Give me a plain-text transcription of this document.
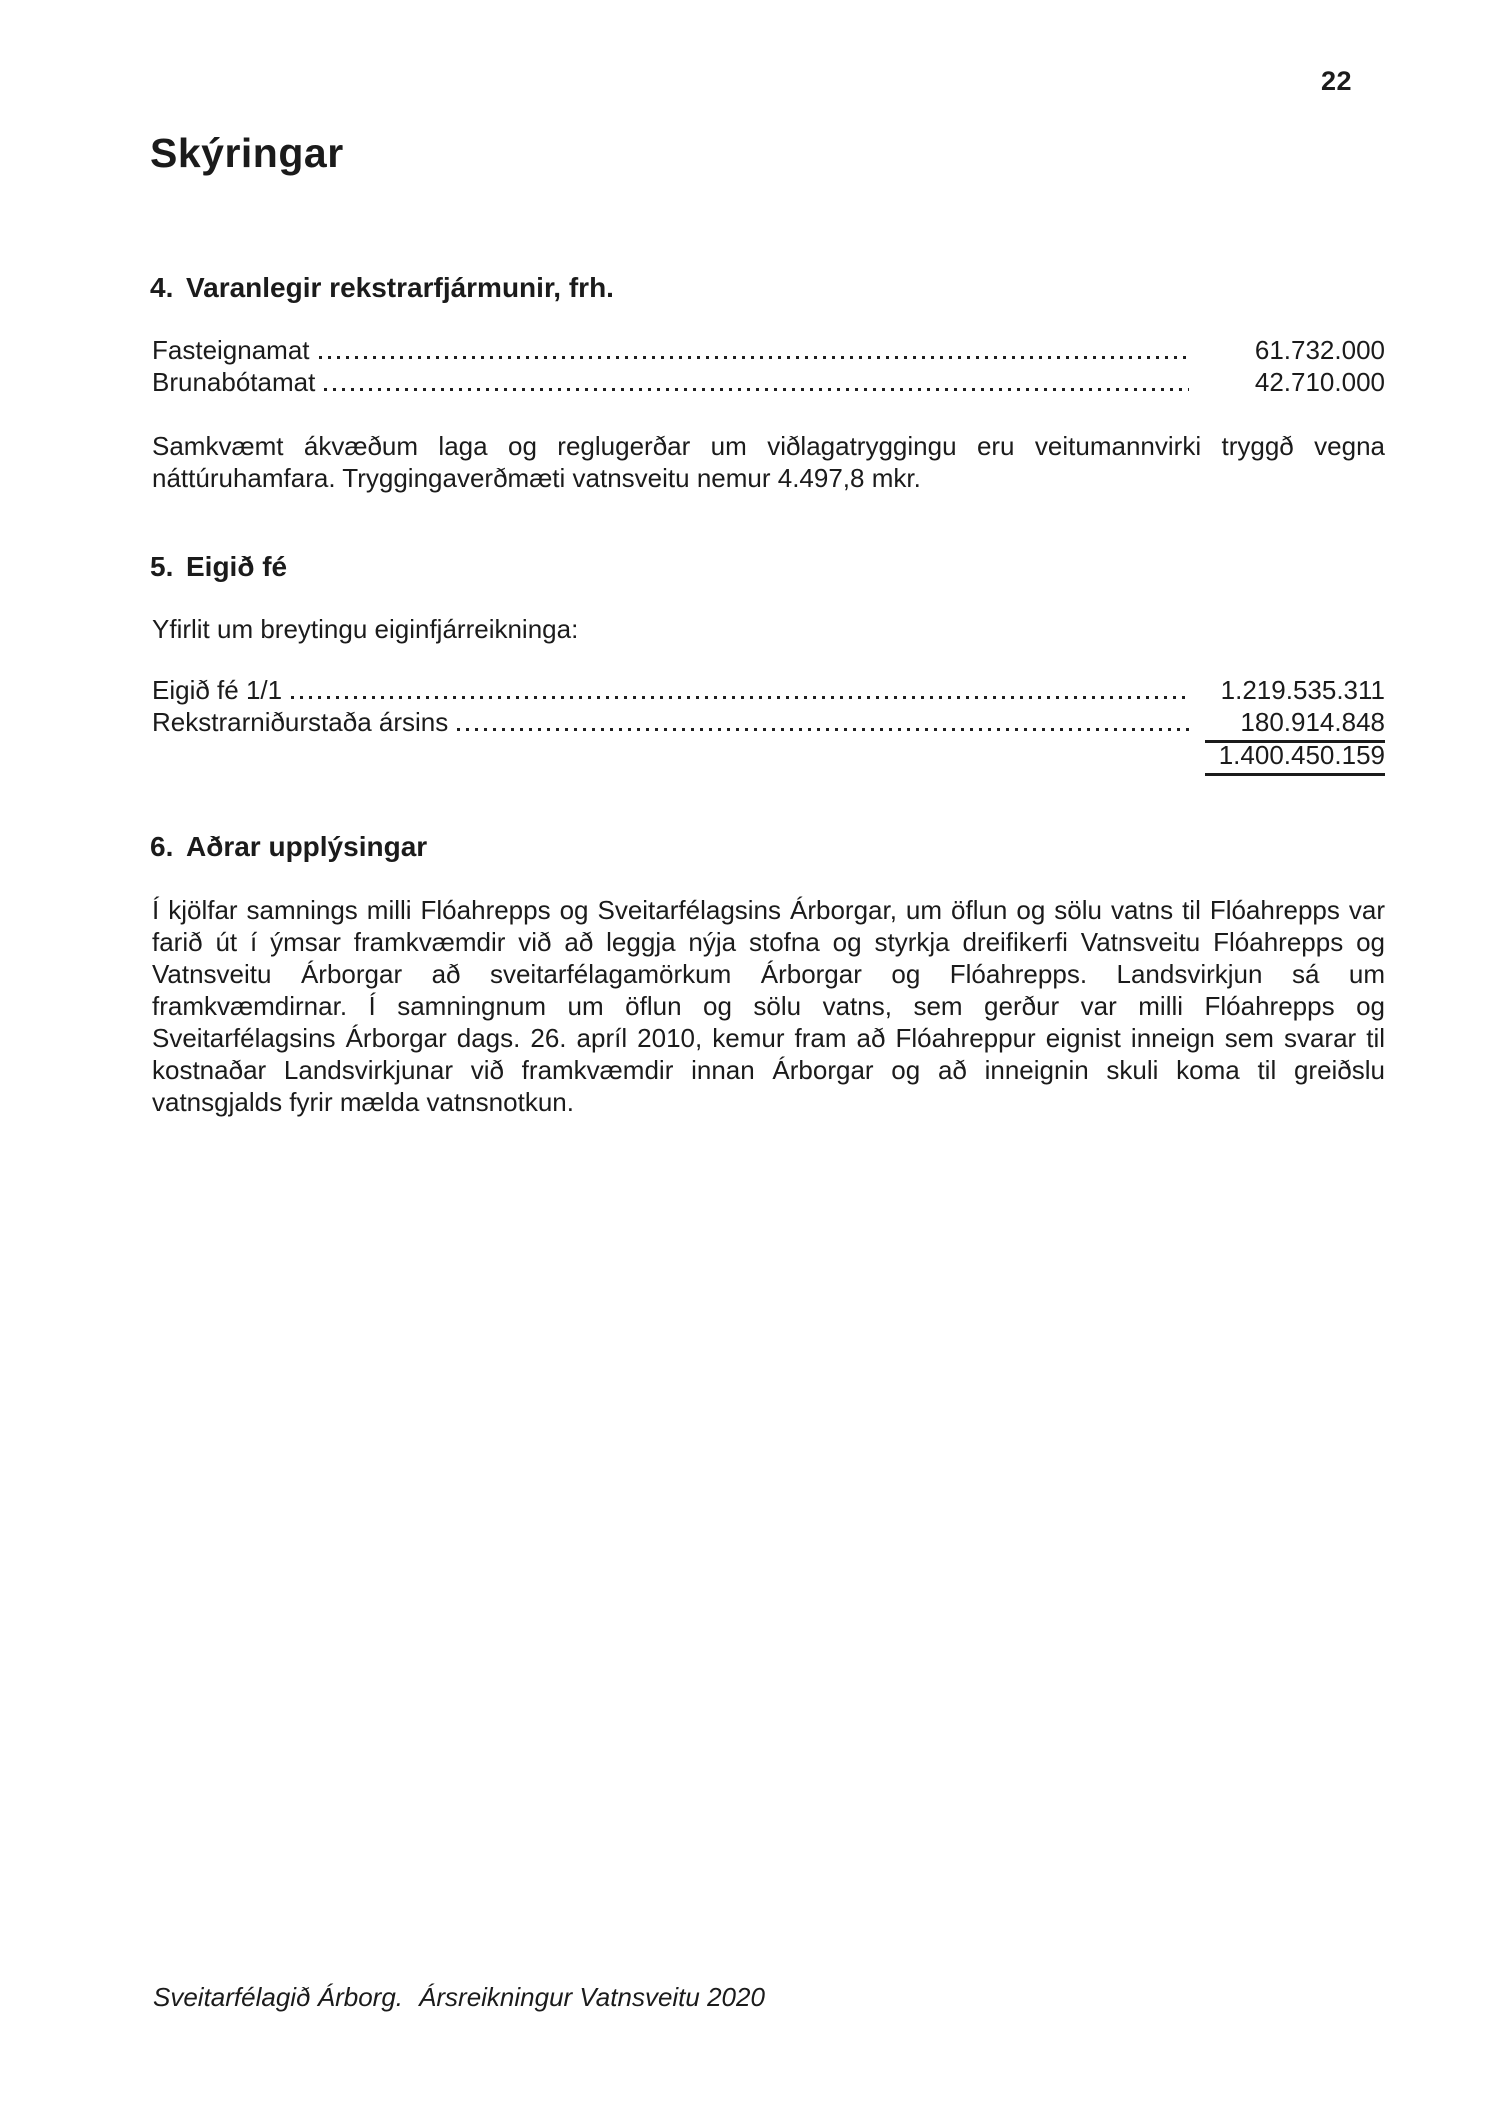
22
Skýringar
4. Varanlegir rekstrarfjármunir, frh.
Fasteignamat	61.732.000
Brunabótamat	42.710.000
Samkvæmt ákvæðum laga og reglugerðar um viðlagatryggingu eru veitumannvirki tryggð vegna náttúruhamfara. Tryggingaverðmæti vatnsveitu nemur 4.497,8 mkr.
5. Eigið fé
Yfirlit um breytingu eiginfjárreikninga:
Eigið fé 1/1	1.219.535.311
Rekstrarniðurstaða ársins	180.914.848
1.400.450.159
6. Aðrar upplýsingar
Í kjölfar samnings milli Flóahrepps og Sveitarfélagsins Árborgar, um öflun og sölu vatns til Flóahrepps var farið út í ýmsar framkvæmdir við að leggja nýja stofna og styrkja dreifikerfi Vatnsveitu Flóahrepps og Vatnsveitu Árborgar að sveitarfélagamörkum Árborgar og Flóahrepps. Landsvirkjun sá um framkvæmdirnar. Í samningnum um öflun og sölu vatns, sem gerður var milli Flóahrepps og Sveitarfélagsins Árborgar dags. 26. apríl 2010, kemur fram að Flóahreppur eignist inneign sem svarar til kostnaðar Landsvirkjunar við framkvæmdir innan Árborgar og að inneignin skuli koma til greiðslu vatnsgjalds fyrir mælda vatnsnotkun.
Sveitarfélagið Árborg. Ársreikningur Vatnsveitu 2020
